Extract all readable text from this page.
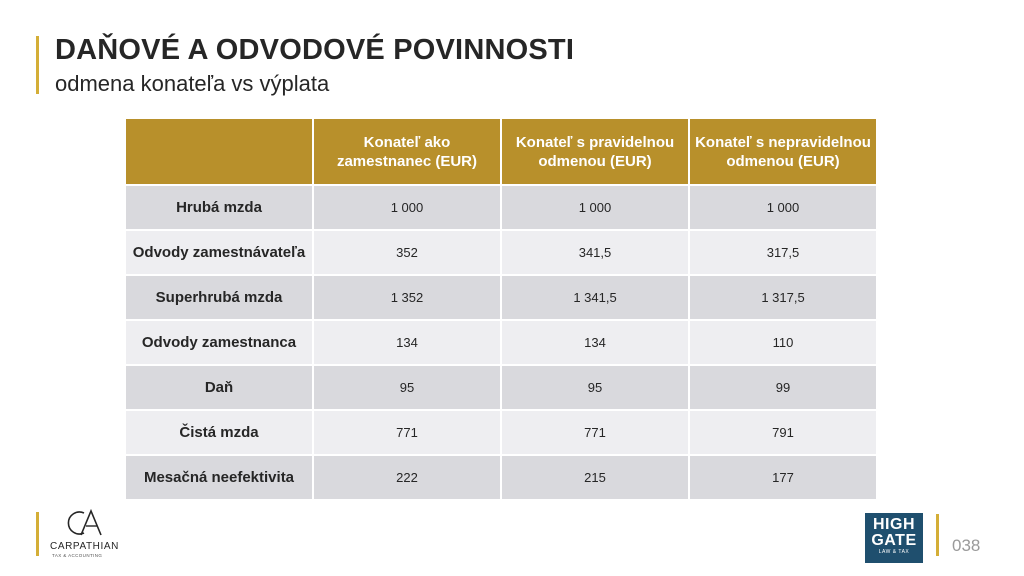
DAŇOVÉ A ODVODOVÉ POVINNOSTI
odmena konateľa vs výplata
	Konateľ ako zamestnanec (EUR)	Konateľ s pravidelnou odmenou (EUR)	Konateľ s nepravidelnou odmenou (EUR)
Hrubá mzda	1 000	1 000	1 000
Odvody zamestnávateľa	352	341,5	317,5
Superhrubá mzda	1 352	1 341,5	1 317,5
Odvody zamestnanca	134	134	110
Daň	95	95	99
Čistá mzda	771	771	791
Mesačná neefektivita	222	215	177
CARPATHIAN
TAX & ACCOUNTING
HIGH
GATE
LAW & TAX	038
